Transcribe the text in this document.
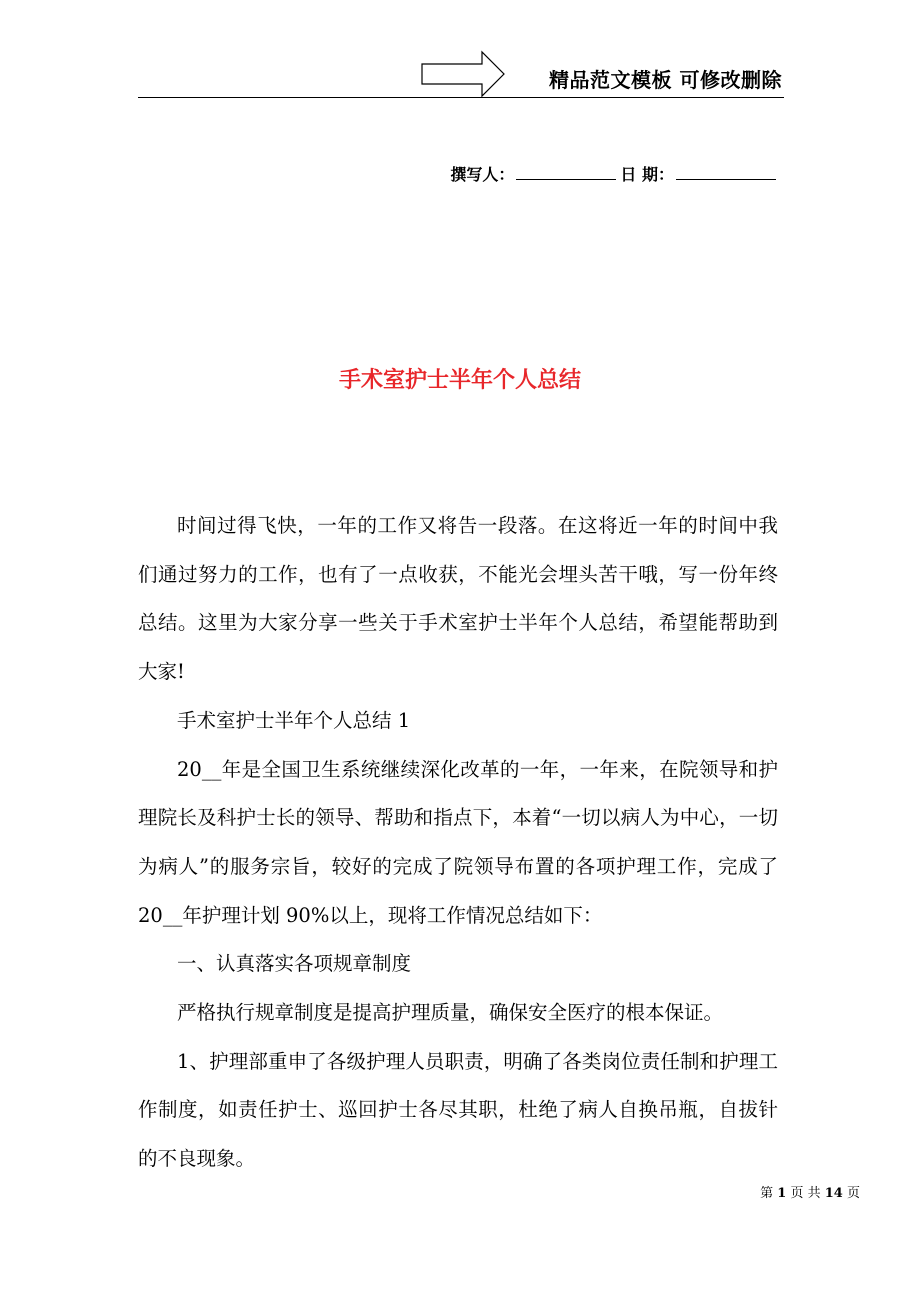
精品范文模板 可修改删除
撰写人：	日 期：
手术室护士半年个人总结

时间过得飞快，一年的工作又将告一段落。在这将近一年的时间中我们通过努力的工作，也有了一点收获，不能光会埋头苦干哦，写一份年终总结。这里为大家分享一些关于手术室护士半年个人总结，希望能帮助到大家!

手术室护士半年个人总结 1

20__年是全国卫生系统继续深化改革的一年，一年来，在院领导和护理院长及科护士长的领导、帮助和指点下，本着“一切以病人为中心，一切为病人”的服务宗旨，较好的完成了院领导布置的各项护理工作，完成了 20__年护理计划 90%以上，现将工作情况总结如下：

一、认真落实各项规章制度

严格执行规章制度是提高护理质量，确保安全医疗的根本保证。

1、护理部重申了各级护理人员职责，明确了各类岗位责任制和护理工作制度，如责任护士、巡回护士各尽其职，杜绝了病人自换吊瓶，自拔针的不良现象。

第 1 页 共 14 页
